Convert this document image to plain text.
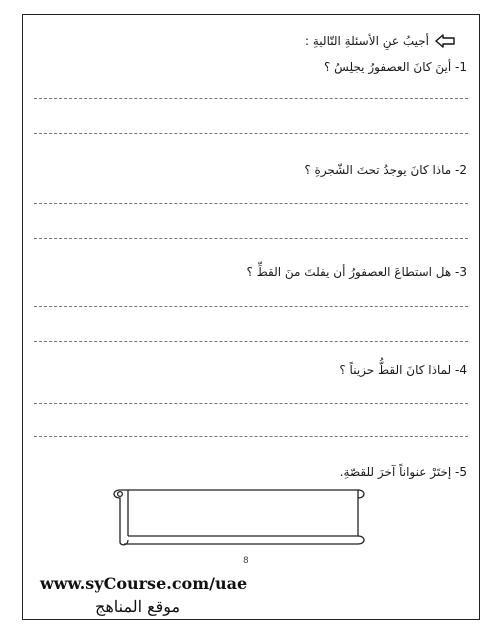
أجيبُ عنِ الأسئلةِ التّاليةِ :
1- أينَ كانَ العصفورُ يجلِسُ ؟
2- ماذا كانَ يوجدُ تحتَ الشّجرةِ ؟
3- هل استطاعَ العصفورُ أن يفلتَ منَ القطِّ ؟
4- لماذا كانَ القطُّ حزيناً ؟
5- إختَرْ عنواناً آخرَ للقصّةِ.
8
www.syCourse.com/uae
موقع المناهج
